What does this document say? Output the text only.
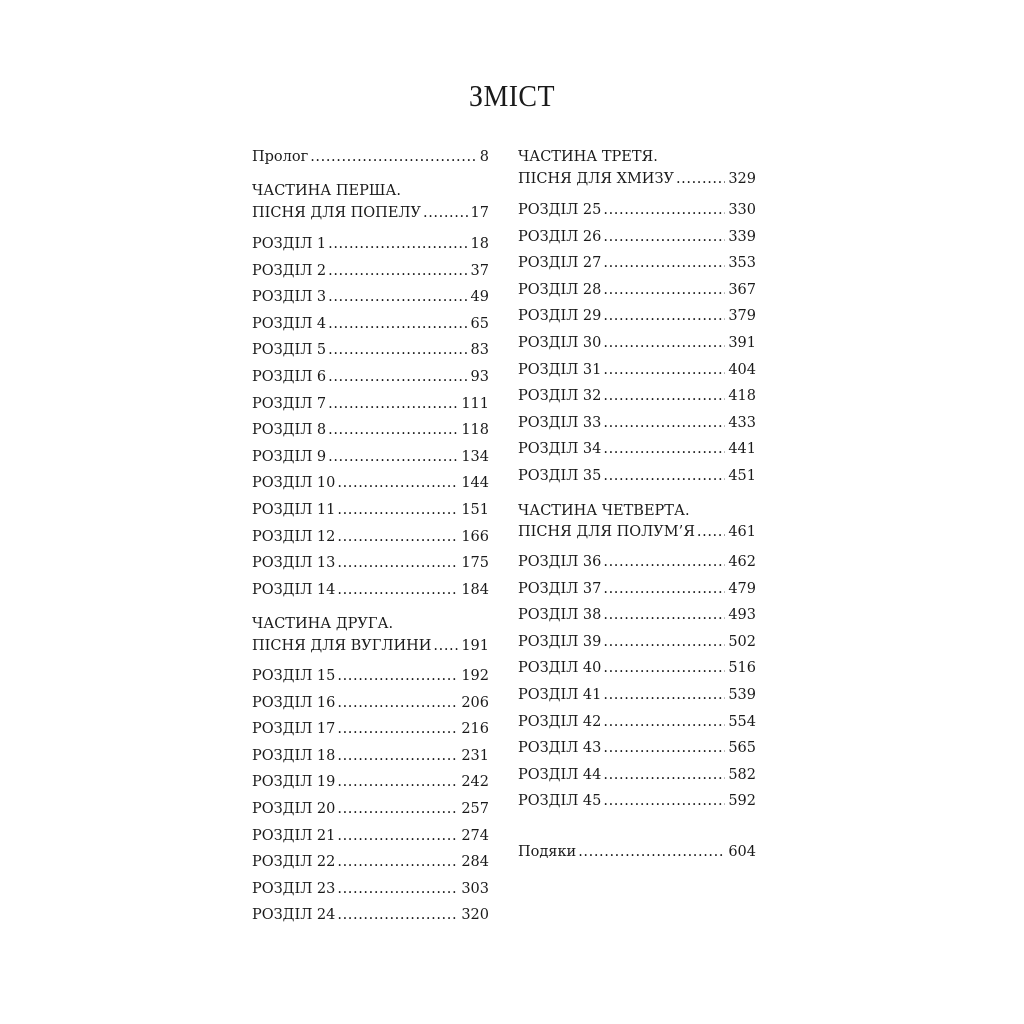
ЗМІСТ
Пролог .....	8
ЧАСТИНА ПЕРША.
ПІСНЯ ДЛЯ ПОПЕЛУ .....	17
РОЗДІЛ 1 .....	18
РОЗДІЛ 2 .....	37
РОЗДІЛ 3 .....	49
РОЗДІЛ 4 .....	65
РОЗДІЛ 5 .....	83
РОЗДІЛ 6 .....	93
РОЗДІЛ 7 .....	111
РОЗДІЛ 8 .....	118
РОЗДІЛ 9 .....	134
РОЗДІЛ 10 .....	144
РОЗДІЛ 11 .....	151
РОЗДІЛ 12 .....	166
РОЗДІЛ 13 .....	175
РОЗДІЛ 14 .....	184
ЧАСТИНА ДРУГА.
ПІСНЯ ДЛЯ ВУГЛИНИ ..... 191
РОЗДІЛ 15 .....	192
РОЗДІЛ 16 .....	206
РОЗДІЛ 17 .....	216
РОЗДІЛ 18 .....	231
РОЗДІЛ 19 .....	242
РОЗДІЛ 20 .....	257
РОЗДІЛ 21 .....	274
РОЗДІЛ 22 .....	284
РОЗДІЛ 23 .....	303
РОЗДІЛ 24 .....	320
ЧАСТИНА ТРЕТЯ.
ПІСНЯ ДЛЯ ХМИЗУ .....	329
РОЗДІЛ 25 .....	330
РОЗДІЛ 26 .....	339
РОЗДІЛ 27 .....	353
РОЗДІЛ 28 .....	367
РОЗДІЛ 29 .....	379
РОЗДІЛ 30 .....	391
РОЗДІЛ 31 .....	404
РОЗДІЛ 32 .....	418
РОЗДІЛ 33 .....	433
РОЗДІЛ 34 .....	441
РОЗДІЛ 35 .....	451
ЧАСТИНА ЧЕТВЕРТА.
ПІСНЯ ДЛЯ ПОЛУМ’Я ..... 461
РОЗДІЛ 36 .....	462
РОЗДІЛ 37 .....	479
РОЗДІЛ 38 .....	493
РОЗДІЛ 39 .....	502
РОЗДІЛ 40 .....	516
РОЗДІЛ 41 .....	539
РОЗДІЛ 42 .....	554
РОЗДІЛ 43 .....	565
РОЗДІЛ 44 .....	582
РОЗДІЛ 45 .....	592
Подяки .....	604
